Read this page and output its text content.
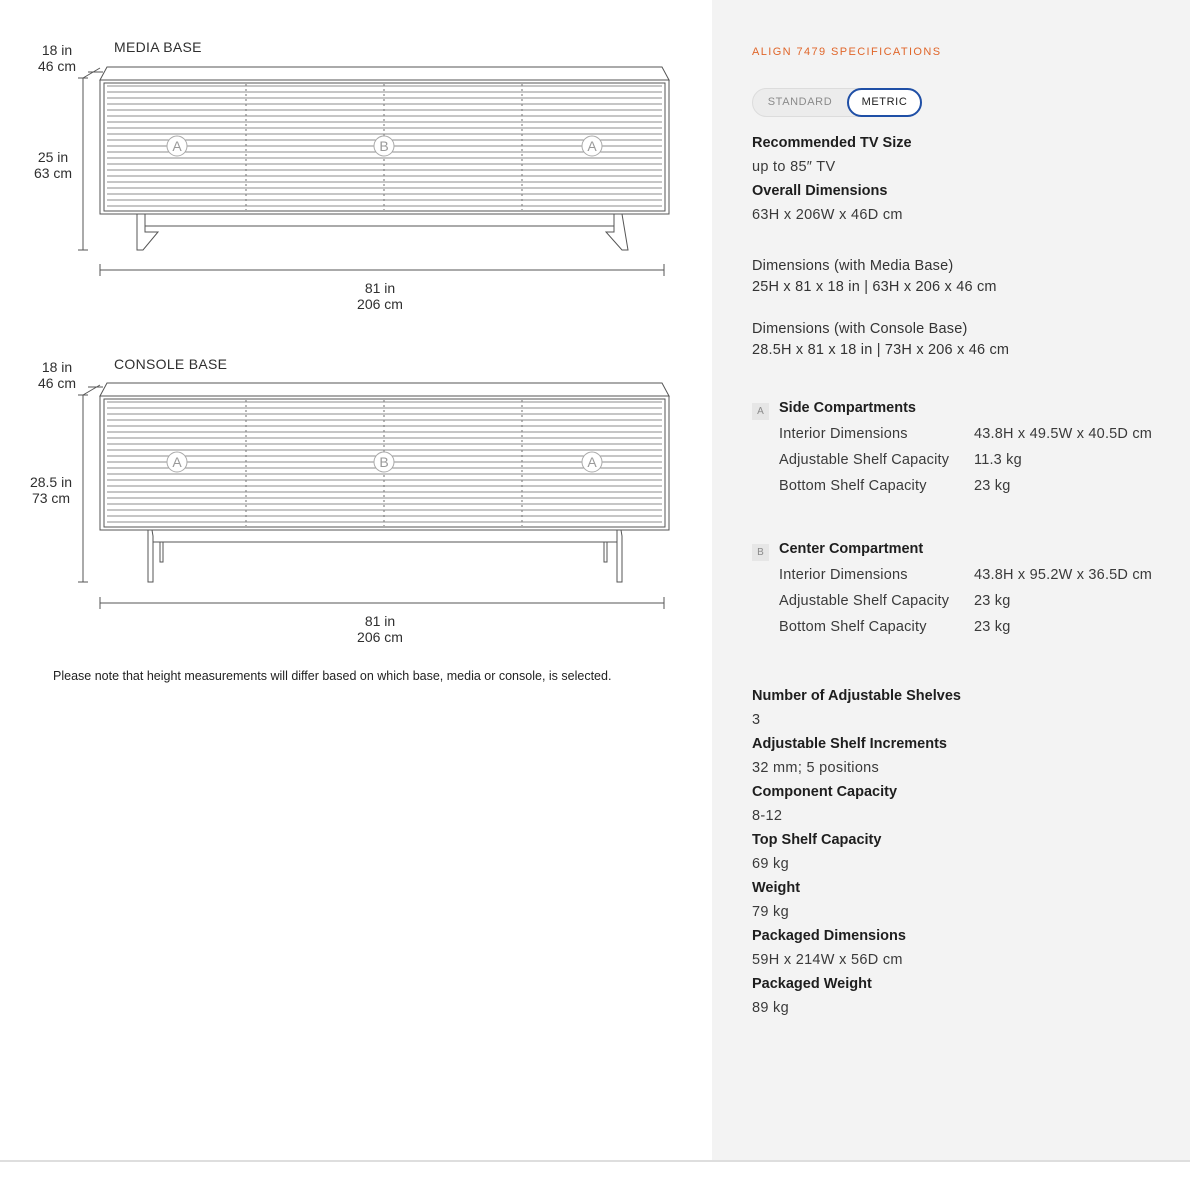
A	B	A
18 in
46 cm
MEDIA BASE
25 in
63 cm
81 in
206 cm
A	B	A
18 in
46 cm
CONSOLE BASE
28.5 in
73 cm
81 in
206 cm
Please note that height measurements will differ based on which base, media or console, is selected.
ALIGN 7479 SPECIFICATIONS
STANDARD	METRIC
Recommended TV Size
up to 85″ TV
Overall Dimensions
63H x 206W x 46D cm
Dimensions (with Media Base)
25H x 81 x 18 in | 63H x 206 x 46 cm
Dimensions (with Console Base)
28.5H x 81 x 18 in | 73H x 206 x 46 cm
A	Side Compartments
Interior Dimensions	43.8H x 49.5W x 40.5D cm
Adjustable Shelf Capacity 11.3 kg
Bottom Shelf Capacity	23 kg
B	Center Compartment
Interior Dimensions	43.8H x 95.2W x 36.5D cm
Adjustable Shelf Capacity 23 kg
Bottom Shelf Capacity	23 kg
Number of Adjustable Shelves
3
Adjustable Shelf Increments
32 mm; 5 positions
Component Capacity
8-12
Top Shelf Capacity
69 kg
Weight
79 kg
Packaged Dimensions
59H x 214W x 56D cm
Packaged Weight
89 kg
